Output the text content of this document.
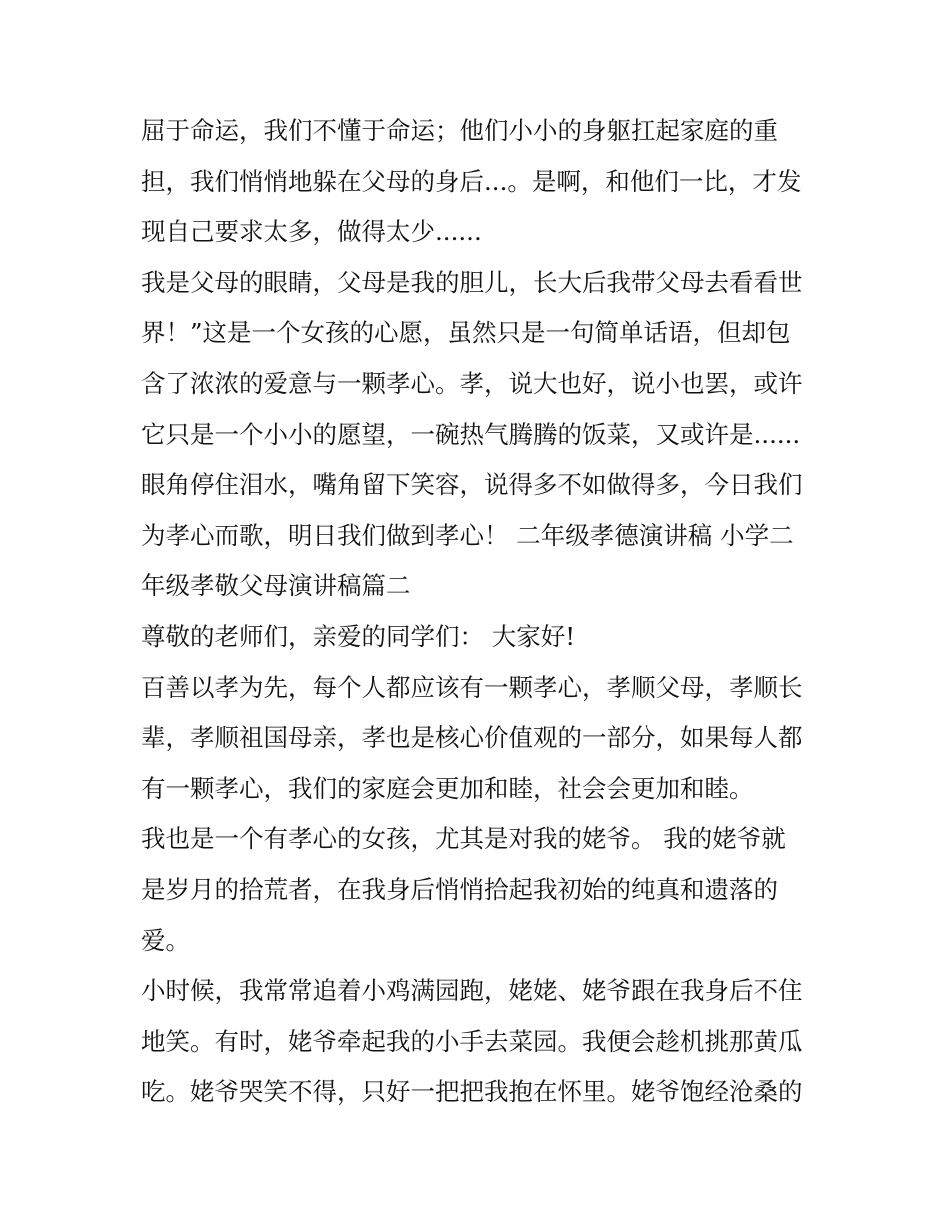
屈于命运，我们不懂于命运；他们小小的身躯扛起家庭的重
担，我们悄悄地躲在父母的身后...。是啊，和他们一比，才发
现自己要求太多，做得太少......
我是父母的眼睛，父母是我的胆儿，长大后我带父母去看看世
界！”这是一个女孩的心愿，虽然只是一句简单话语，但却包
含了浓浓的爱意与一颗孝心。孝，说大也好，说小也罢，或许
它只是一个小小的愿望，一碗热气腾腾的饭菜，又或许是......
眼角停住泪水，嘴角留下笑容，说得多不如做得多，今日我们
为孝心而歌，明日我们做到孝心！ 二年级孝德演讲稿 小学二
年级孝敬父母演讲稿篇二
尊敬的老师们，亲爱的同学们： 大家好!
百善以孝为先，每个人都应该有一颗孝心，孝顺父母，孝顺长
辈，孝顺祖国母亲，孝也是核心价值观的一部分，如果每人都
有一颗孝心，我们的家庭会更加和睦，社会会更加和睦。
我也是一个有孝心的女孩，尤其是对我的姥爷。 我的姥爷就
是岁月的拾荒者，在我身后悄悄拾起我初始的纯真和遗落的
爱。
小时候，我常常追着小鸡满园跑，姥姥、姥爷跟在我身后不住
地笑。有时，姥爷牵起我的小手去菜园。我便会趁机挑那黄瓜
吃。姥爷哭笑不得，只好一把把我抱在怀里。姥爷饱经沧桑的
